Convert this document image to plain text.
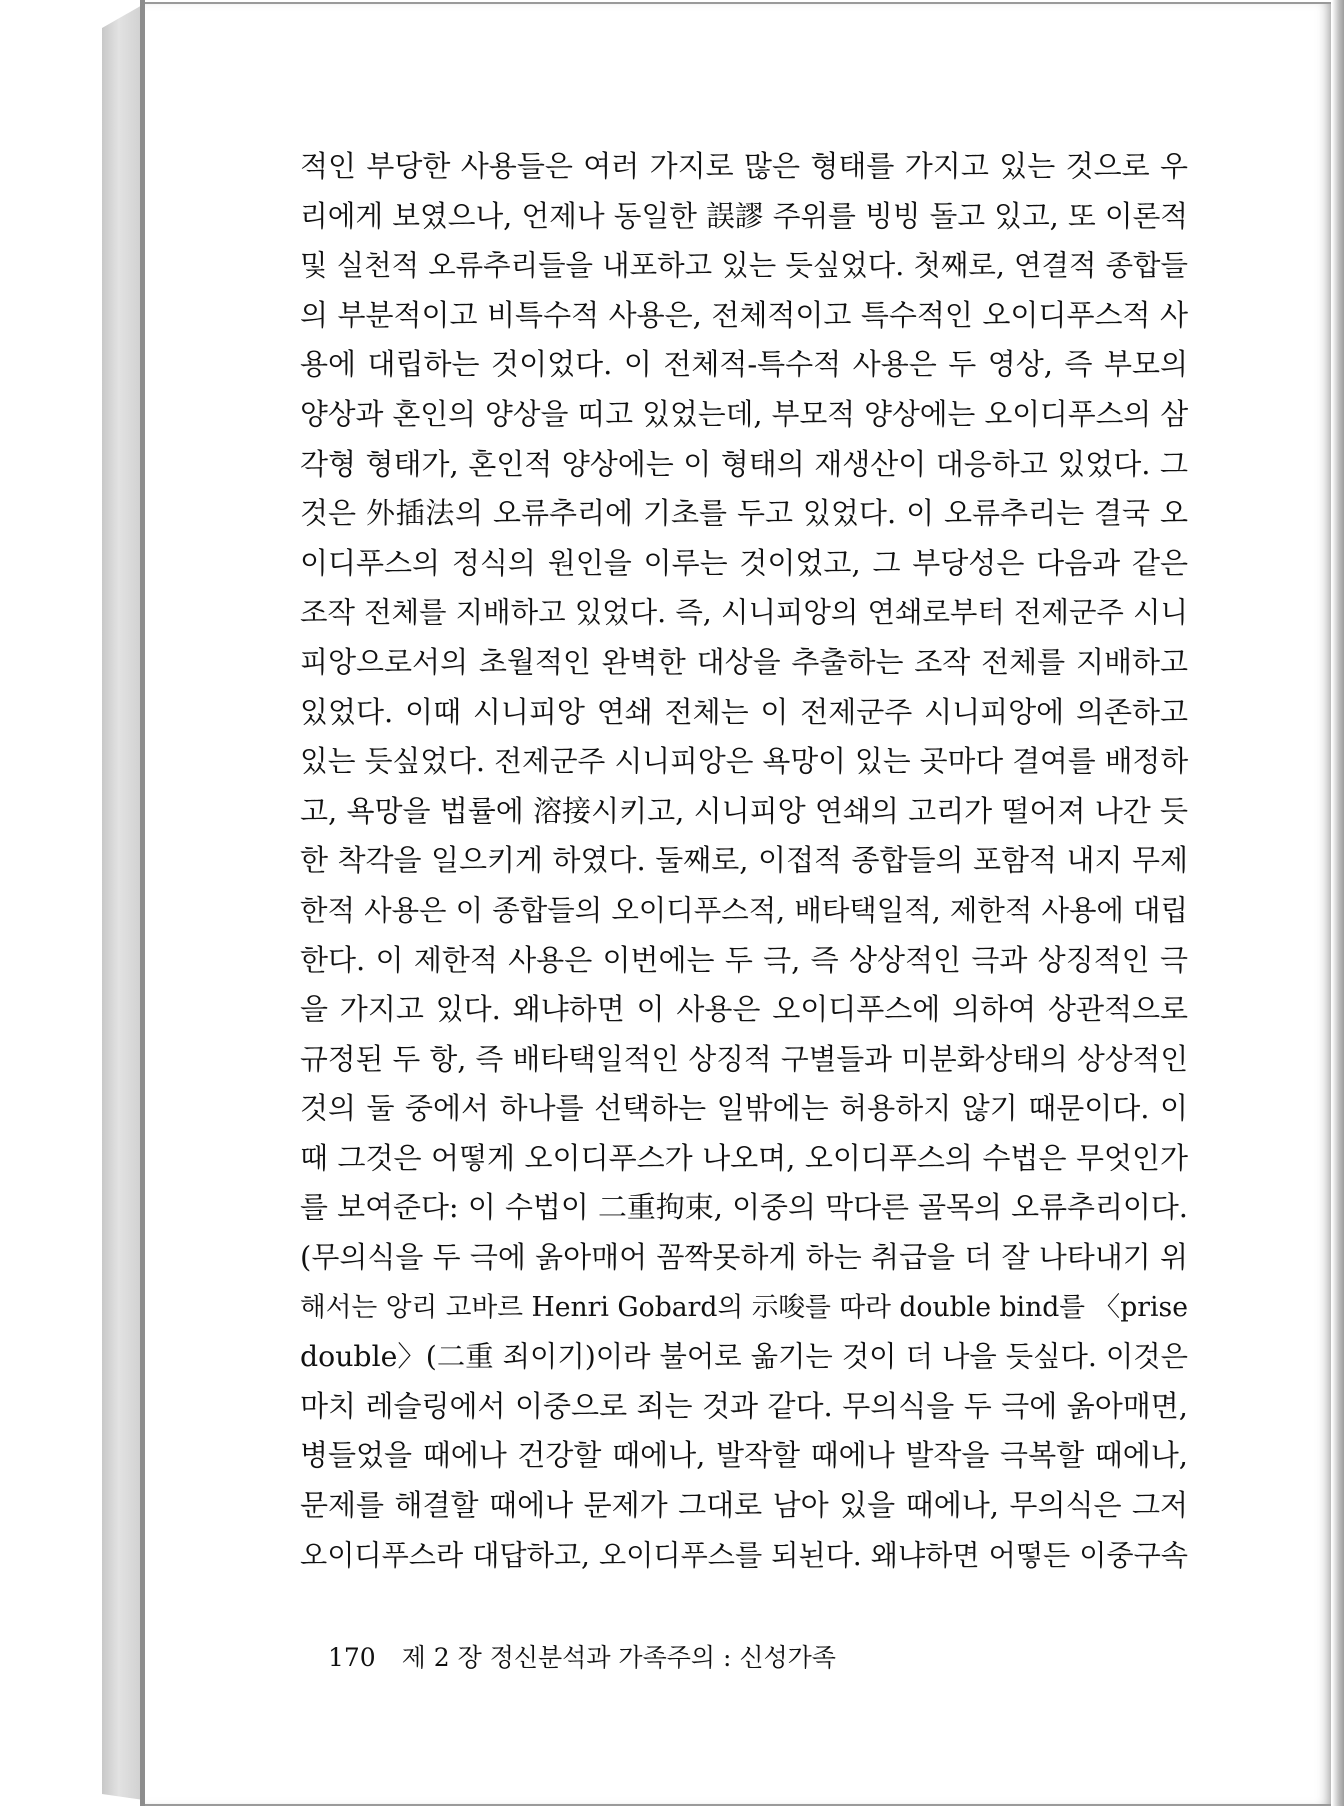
적인 부당한 사용들은 여러 가지로 많은 형태를 가지고 있는 것으로 우
리에게 보였으나, 언제나 동일한 誤謬 주위를 빙빙 돌고 있고, 또 이론적
및 실천적 오류추리들을 내포하고 있는 듯싶었다. 첫째로, 연결적 종합들
의 부분적이고 비특수적 사용은, 전체적이고 특수적인 오이디푸스적 사
용에 대립하는 것이었다. 이 전체적-특수적 사용은 두 영상, 즉 부모의
양상과 혼인의 양상을 띠고 있었는데, 부모적 양상에는 오이디푸스의 삼
각형 형태가, 혼인적 양상에는 이 형태의 재생산이 대응하고 있었다. 그
것은 外插法의 오류추리에 기초를 두고 있었다. 이 오류추리는 결국 오
이디푸스의 정식의 원인을 이루는 것이었고, 그 부당성은 다음과 같은
조작 전체를 지배하고 있었다. 즉, 시니피앙의 연쇄로부터 전제군주 시니
피앙으로서의 초월적인 완벽한 대상을 추출하는 조작 전체를 지배하고
있었다. 이때 시니피앙 연쇄 전체는 이 전제군주 시니피앙에 의존하고
있는 듯싶었다. 전제군주 시니피앙은 욕망이 있는 곳마다 결여를 배정하
고, 욕망을 법률에 溶接시키고, 시니피앙 연쇄의 고리가 떨어져 나간 듯
한 착각을 일으키게 하였다. 둘째로, 이접적 종합들의 포함적 내지 무제
한적 사용은 이 종합들의 오이디푸스적, 배타택일적, 제한적 사용에 대립
한다. 이 제한적 사용은 이번에는 두 극, 즉 상상적인 극과 상징적인 극
을 가지고 있다. 왜냐하면 이 사용은 오이디푸스에 의하여 상관적으로
규정된 두 항, 즉 배타택일적인 상징적 구별들과 미분화상태의 상상적인
것의 둘 중에서 하나를 선택하는 일밖에는 허용하지 않기 때문이다. 이
때 그것은 어떻게 오이디푸스가 나오며, 오이디푸스의 수법은 무엇인가
를 보여준다: 이 수법이 二重拘束, 이중의 막다른 골목의 오류추리이다.
(무의식을 두 극에 옭아매어 꼼짝못하게 하는 취급을 더 잘 나타내기 위
해서는 앙리 고바르 Henri Gobard의 示唆를 따라 double bind를 〈prise
double〉(二重 죄이기)이라 불어로 옮기는 것이 더 나을 듯싶다. 이것은
마치 레슬링에서 이중으로 죄는 것과 같다. 무의식을 두 극에 옭아매면,
병들었을 때에나 건강할 때에나, 발작할 때에나 발작을 극복할 때에나,
문제를 해결할 때에나 문제가 그대로 남아 있을 때에나, 무의식은 그저
오이디푸스라 대답하고, 오이디푸스를 되뇐다. 왜냐하면 어떻든 이중구속
170 제 2 장 정신분석과 가족주의 : 신성가족
